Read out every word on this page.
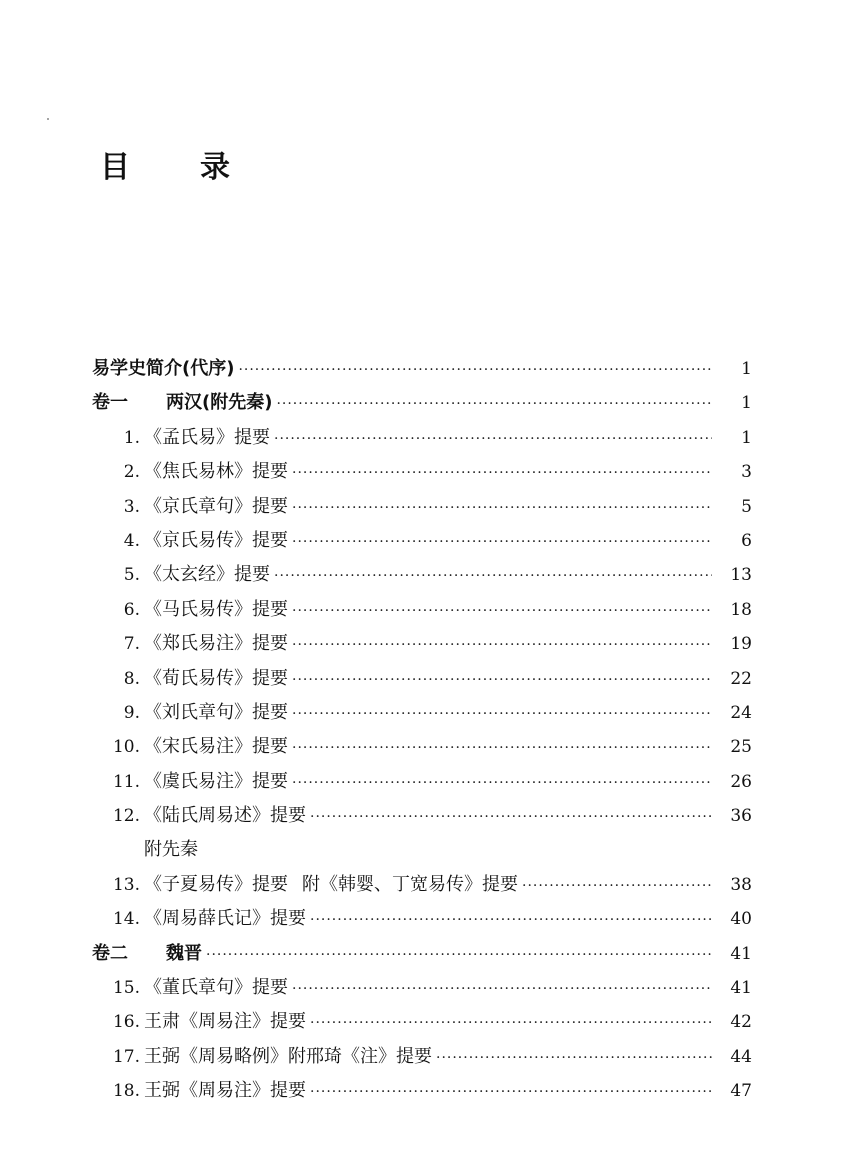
目 录
易学史简介(代序) ·····	1
卷一	两汉(附先秦) ·····	1
1. 《孟氏易》提要 ·····	1
2. 《焦氏易林》提要 ·····	3
3. 《京氏章句》提要 ·····	5
4. 《京氏易传》提要 ·····	6
5. 《太玄经》提要 ·····	13
6. 《马氏易传》提要 ·····	18
7. 《郑氏易注》提要 ·····	19
8. 《荀氏易传》提要 ·····	22
9. 《刘氏章句》提要 ·····	24
10. 《宋氏易注》提要 ·····	25
11. 《虞氏易注》提要 ·····	26
12. 《陆氏周易述》提要 ·····	36
附先秦
13. 《子夏易传》提要 附《韩婴、丁宽易传》提要 ·····	38
14. 《周易薛氏记》提要 ·····	40
卷二	魏晋 ·····	41
15. 《董氏章句》提要 ·····	41
16. 王肃《周易注》提要 ·····	42
17. 王弼《周易略例》附邢琦《注》提要 ·····	44
18. 王弼《周易注》提要 ·····	47
